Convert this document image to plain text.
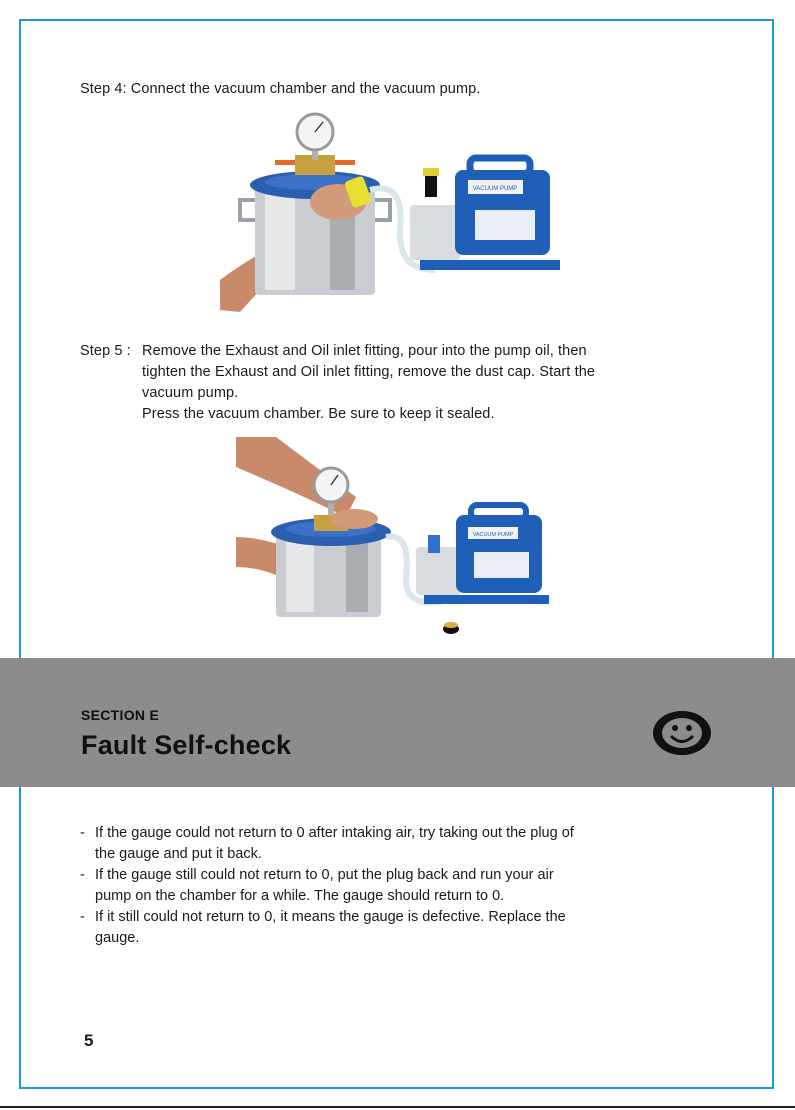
Step 4: Connect the vacuum chamber and the vacuum pump.
VACUUM PUMP
Step 5 : Remove the Exhaust and Oil inlet fitting, pour into the pump oil, then
tighten the Exhaust and Oil inlet fitting, remove the dust cap. Start the
vacuum pump.
Press the vacuum chamber. Be sure to keep it sealed.
VACUUM PUMP
SECTION E
Fault Self-check
- If the gauge could not return to 0 after intaking air, try taking out the plug of
the gauge and put it back.
- If the gauge still could not return to 0, put the plug back and run your air
pump on the chamber for a while. The gauge should return to 0.
- If it still could not return to 0, it means the gauge is defective. Replace the
gauge.
5
